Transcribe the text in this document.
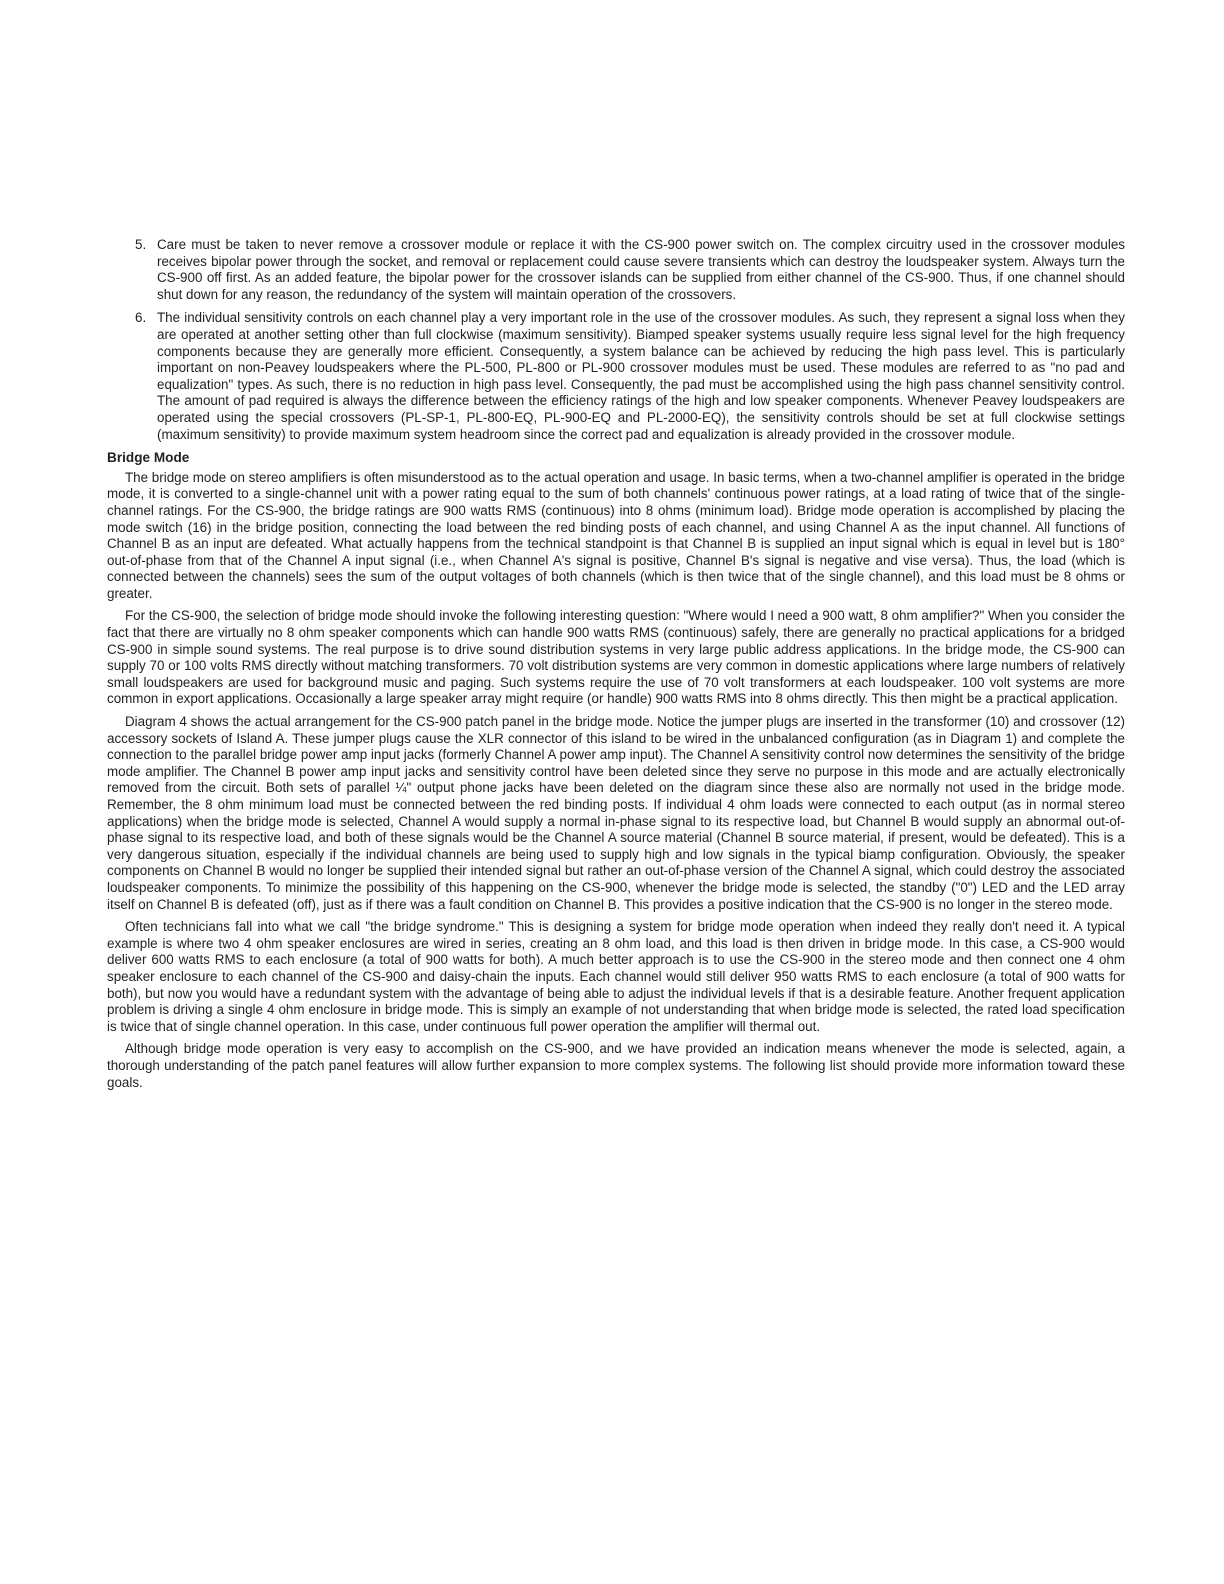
5. Care must be taken to never remove a crossover module or replace it with the CS-900 power switch on. The complex circuitry used in the crossover modules receives bipolar power through the socket, and removal or replacement could cause severe transients which can destroy the loudspeaker system. Always turn the CS-900 off first. As an added feature, the bipolar power for the crossover islands can be supplied from either channel of the CS-900. Thus, if one channel should shut down for any reason, the redundancy of the system will maintain operation of the crossovers.
6. The individual sensitivity controls on each channel play a very important role in the use of the crossover modules. As such, they represent a signal loss when they are operated at another setting other than full clockwise (maximum sensitivity). Biamped speaker systems usually require less signal level for the high frequency components because they are generally more efficient. Consequently, a system balance can be achieved by reducing the high pass level. This is particularly important on non-Peavey loudspeakers where the PL-500, PL-800 or PL-900 crossover modules must be used. These modules are referred to as "no pad and equalization" types. As such, there is no reduction in high pass level. Consequently, the pad must be accomplished using the high pass channel sensitivity control. The amount of pad required is always the difference between the efficiency ratings of the high and low speaker components. Whenever Peavey loudspeakers are operated using the special crossovers (PL-SP-1, PL-800-EQ, PL-900-EQ and PL-2000-EQ), the sensitivity controls should be set at full clockwise settings (maximum sensitivity) to provide maximum system headroom since the correct pad and equalization is already provided in the crossover module.
Bridge Mode

The bridge mode on stereo amplifiers is often misunderstood as to the actual operation and usage. In basic terms, when a two-channel amplifier is operated in the bridge mode, it is converted to a single-channel unit with a power rating equal to the sum of both channels' continuous power ratings, at a load rating of twice that of the single-channel ratings. For the CS-900, the bridge ratings are 900 watts RMS (continuous) into 8 ohms (minimum load). Bridge mode operation is accomplished by placing the mode switch (16) in the bridge position, connecting the load between the red binding posts of each channel, and using Channel A as the input channel. All functions of Channel B as an input are defeated. What actually happens from the technical standpoint is that Channel B is supplied an input signal which is equal in level but is 180° out-of-phase from that of the Channel A input signal (i.e., when Channel A's signal is positive, Channel B's signal is negative and vise versa). Thus, the load (which is connected between the channels) sees the sum of the output voltages of both channels (which is then twice that of the single channel), and this load must be 8 ohms or greater.

For the CS-900, the selection of bridge mode should invoke the following interesting question: "Where would I need a 900 watt, 8 ohm amplifier?" When you consider the fact that there are virtually no 8 ohm speaker components which can handle 900 watts RMS (continuous) safely, there are generally no practical applications for a bridged CS-900 in simple sound systems. The real purpose is to drive sound distribution systems in very large public address applications. In the bridge mode, the CS-900 can supply 70 or 100 volts RMS directly without matching transformers. 70 volt distribution systems are very common in domestic applications where large numbers of relatively small loudspeakers are used for background music and paging. Such systems require the use of 70 volt transformers at each loudspeaker. 100 volt systems are more common in export applications. Occasionally a large speaker array might require (or handle) 900 watts RMS into 8 ohms directly. This then might be a practical application.

Diagram 4 shows the actual arrangement for the CS-900 patch panel in the bridge mode. Notice the jumper plugs are inserted in the transformer (10) and crossover (12) accessory sockets of Island A. These jumper plugs cause the XLR connector of this island to be wired in the unbalanced configuration (as in Diagram 1) and complete the connection to the parallel bridge power amp input jacks (formerly Channel A power amp input). The Channel A sensitivity control now determines the sensitivity of the bridge mode amplifier. The Channel B power amp input jacks and sensitivity control have been deleted since they serve no purpose in this mode and are actually electronically removed from the circuit. Both sets of parallel ¼" output phone jacks have been deleted on the diagram since these also are normally not used in the bridge mode. Remember, the 8 ohm minimum load must be connected between the red binding posts. If individual 4 ohm loads were connected to each output (as in normal stereo applications) when the bridge mode is selected, Channel A would supply a normal in-phase signal to its respective load, but Channel B would supply an abnormal out-of-phase signal to its respective load, and both of these signals would be the Channel A source material (Channel B source material, if present, would be defeated). This is a very dangerous situation, especially if the individual channels are being used to supply high and low signals in the typical biamp configuration. Obviously, the speaker components on Channel B would no longer be supplied their intended signal but rather an out-of-phase version of the Channel A signal, which could destroy the associated loudspeaker components. To minimize the possibility of this happening on the CS-900, whenever the bridge mode is selected, the standby ("0") LED and the LED array itself on Channel B is defeated (off), just as if there was a fault condition on Channel B. This provides a positive indication that the CS-900 is no longer in the stereo mode.

Often technicians fall into what we call "the bridge syndrome." This is designing a system for bridge mode operation when indeed they really don't need it. A typical example is where two 4 ohm speaker enclosures are wired in series, creating an 8 ohm load, and this load is then driven in bridge mode. In this case, a CS-900 would deliver 600 watts RMS to each enclosure (a total of 900 watts for both). A much better approach is to use the CS-900 in the stereo mode and then connect one 4 ohm speaker enclosure to each channel of the CS-900 and daisy-chain the inputs. Each channel would still deliver 950 watts RMS to each enclosure (a total of 900 watts for both), but now you would have a redundant system with the advantage of being able to adjust the individual levels if that is a desirable feature. Another frequent application problem is driving a single 4 ohm enclosure in bridge mode. This is simply an example of not understanding that when bridge mode is selected, the rated load specification is twice that of single channel operation. In this case, under continuous full power operation the amplifier will thermal out.

Although bridge mode operation is very easy to accomplish on the CS-900, and we have provided an indication means whenever the mode is selected, again, a thorough understanding of the patch panel features will allow further expansion to more complex systems. The following list should provide more information toward these goals.
